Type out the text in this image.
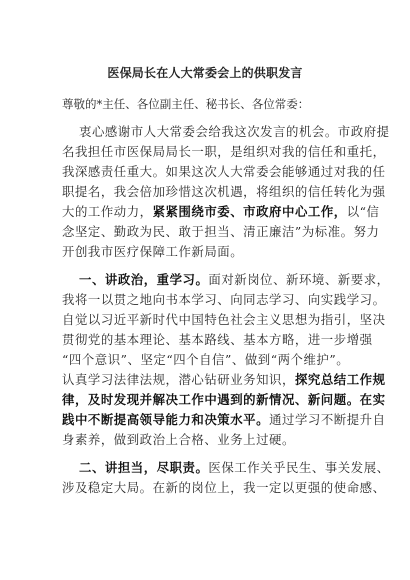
医保局长在人大常委会上的供职发言
尊敬的*主任、各位副主任、秘书长、各位常委：
衷心感谢市人大常委会给我这次发言的机会。市政府提
名我担任市医保局局长一职，是组织对我的信任和重托，
我深感责任重大。如果这次人大常委会能够通过对我的任
职提名，我会倍加珍惜这次机遇，将组织的信任转化为强
大的工作动力，紧紧围绕市委、市政府中心工作，以“信
念坚定、勤政为民、敢于担当、清正廉洁”为标准。努力
开创我市医疗保障工作新局面。
一、讲政治，重学习。面对新岗位、新环境、新要求，
我将一以贯之地向书本学习、向同志学习、向实践学习。
自觉以习近平新时代中国特色社会主义思想为指引，坚决
贯彻党的基本理论、基本路线、基本方略，进一步增强
“四个意识”、坚定“四个自信”、做到“两个维护”。
认真学习法律法规，潜心钻研业务知识，探究总结工作规
律，及时发现并解决工作中遇到的新情况、新问题。在实
践中不断提高领导能力和决策水平。通过学习不断提升自
身素养，做到政治上合格、业务上过硬。
二、讲担当，尽职责。医保工作关乎民生、事关发展、
涉及稳定大局。在新的岗位上，我一定以更强的使命感、
